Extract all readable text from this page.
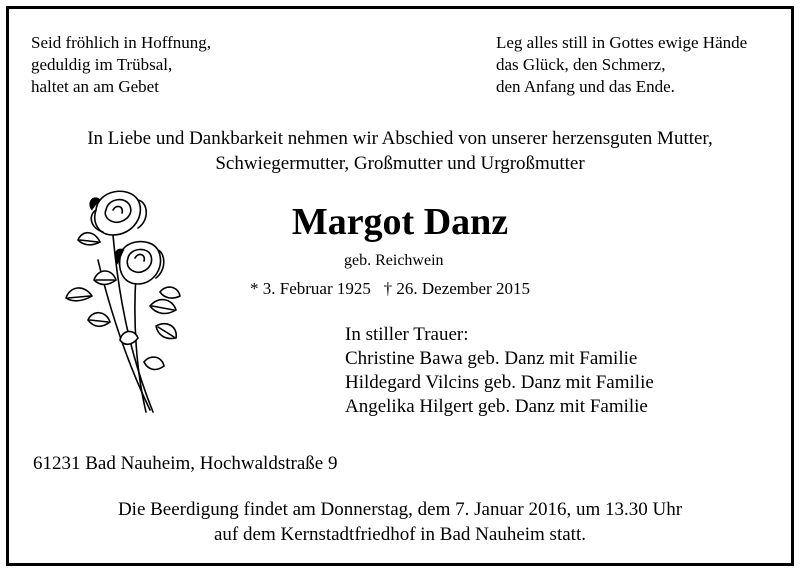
Seid fröhlich in Hoffnung,
geduldig im Trübsal,
haltet an am Gebet
Leg alles still in Gottes ewige Hände
das Glück, den Schmerz,
den Anfang und das Ende.
In Liebe und Dankbarkeit nehmen wir Abschied von unserer herzensguten Mutter,
Schwiegermutter, Großmutter und Urgroßmutter
Margot Danz
geb. Reichwein
* 3. Februar 1925   † 26. Dezember 2015
In stiller Trauer:
Christine Bawa geb. Danz mit Familie
Hildegard Vilcins geb. Danz mit Familie
Angelika Hilgert geb. Danz mit Familie
61231 Bad Nauheim, Hochwaldstraße 9
Die Beerdigung findet am Donnerstag, dem 7. Januar 2016, um 13.30 Uhr
auf dem Kernstadtfriedhof in Bad Nauheim statt.
